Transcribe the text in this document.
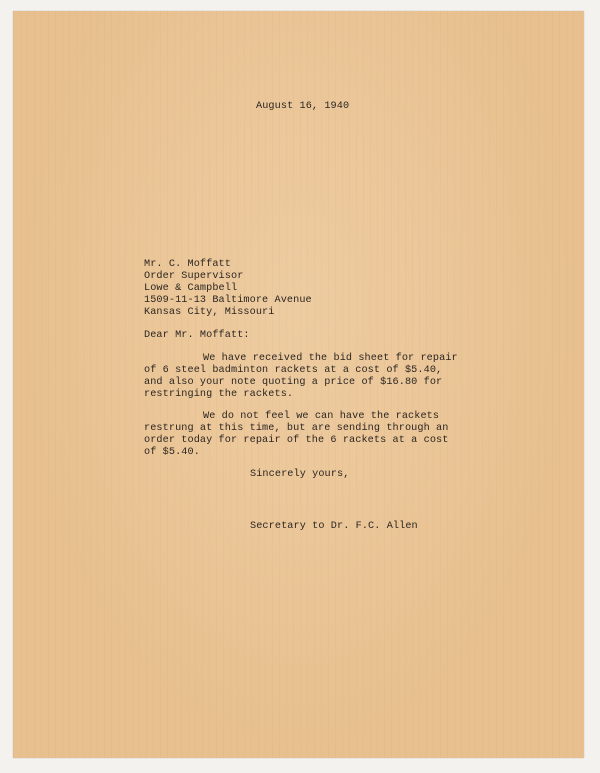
August 16, 1940
Mr. C. Moffatt
Order Supervisor
Lowe & Campbell
1509-11-13 Baltimore Avenue
Kansas City, Missouri
Dear Mr. Moffatt:
We have received the bid sheet for repair
of 6 steel badminton rackets at a cost of $5.40,
and also your note quoting a price of $16.80 for
restringing the rackets.
We do not feel we can have the rackets
restrung at this time, but are sending through an
order today for repair of the 6 rackets at a cost
of $5.40.
Sincerely yours,
Secretary to Dr. F.C. Allen
